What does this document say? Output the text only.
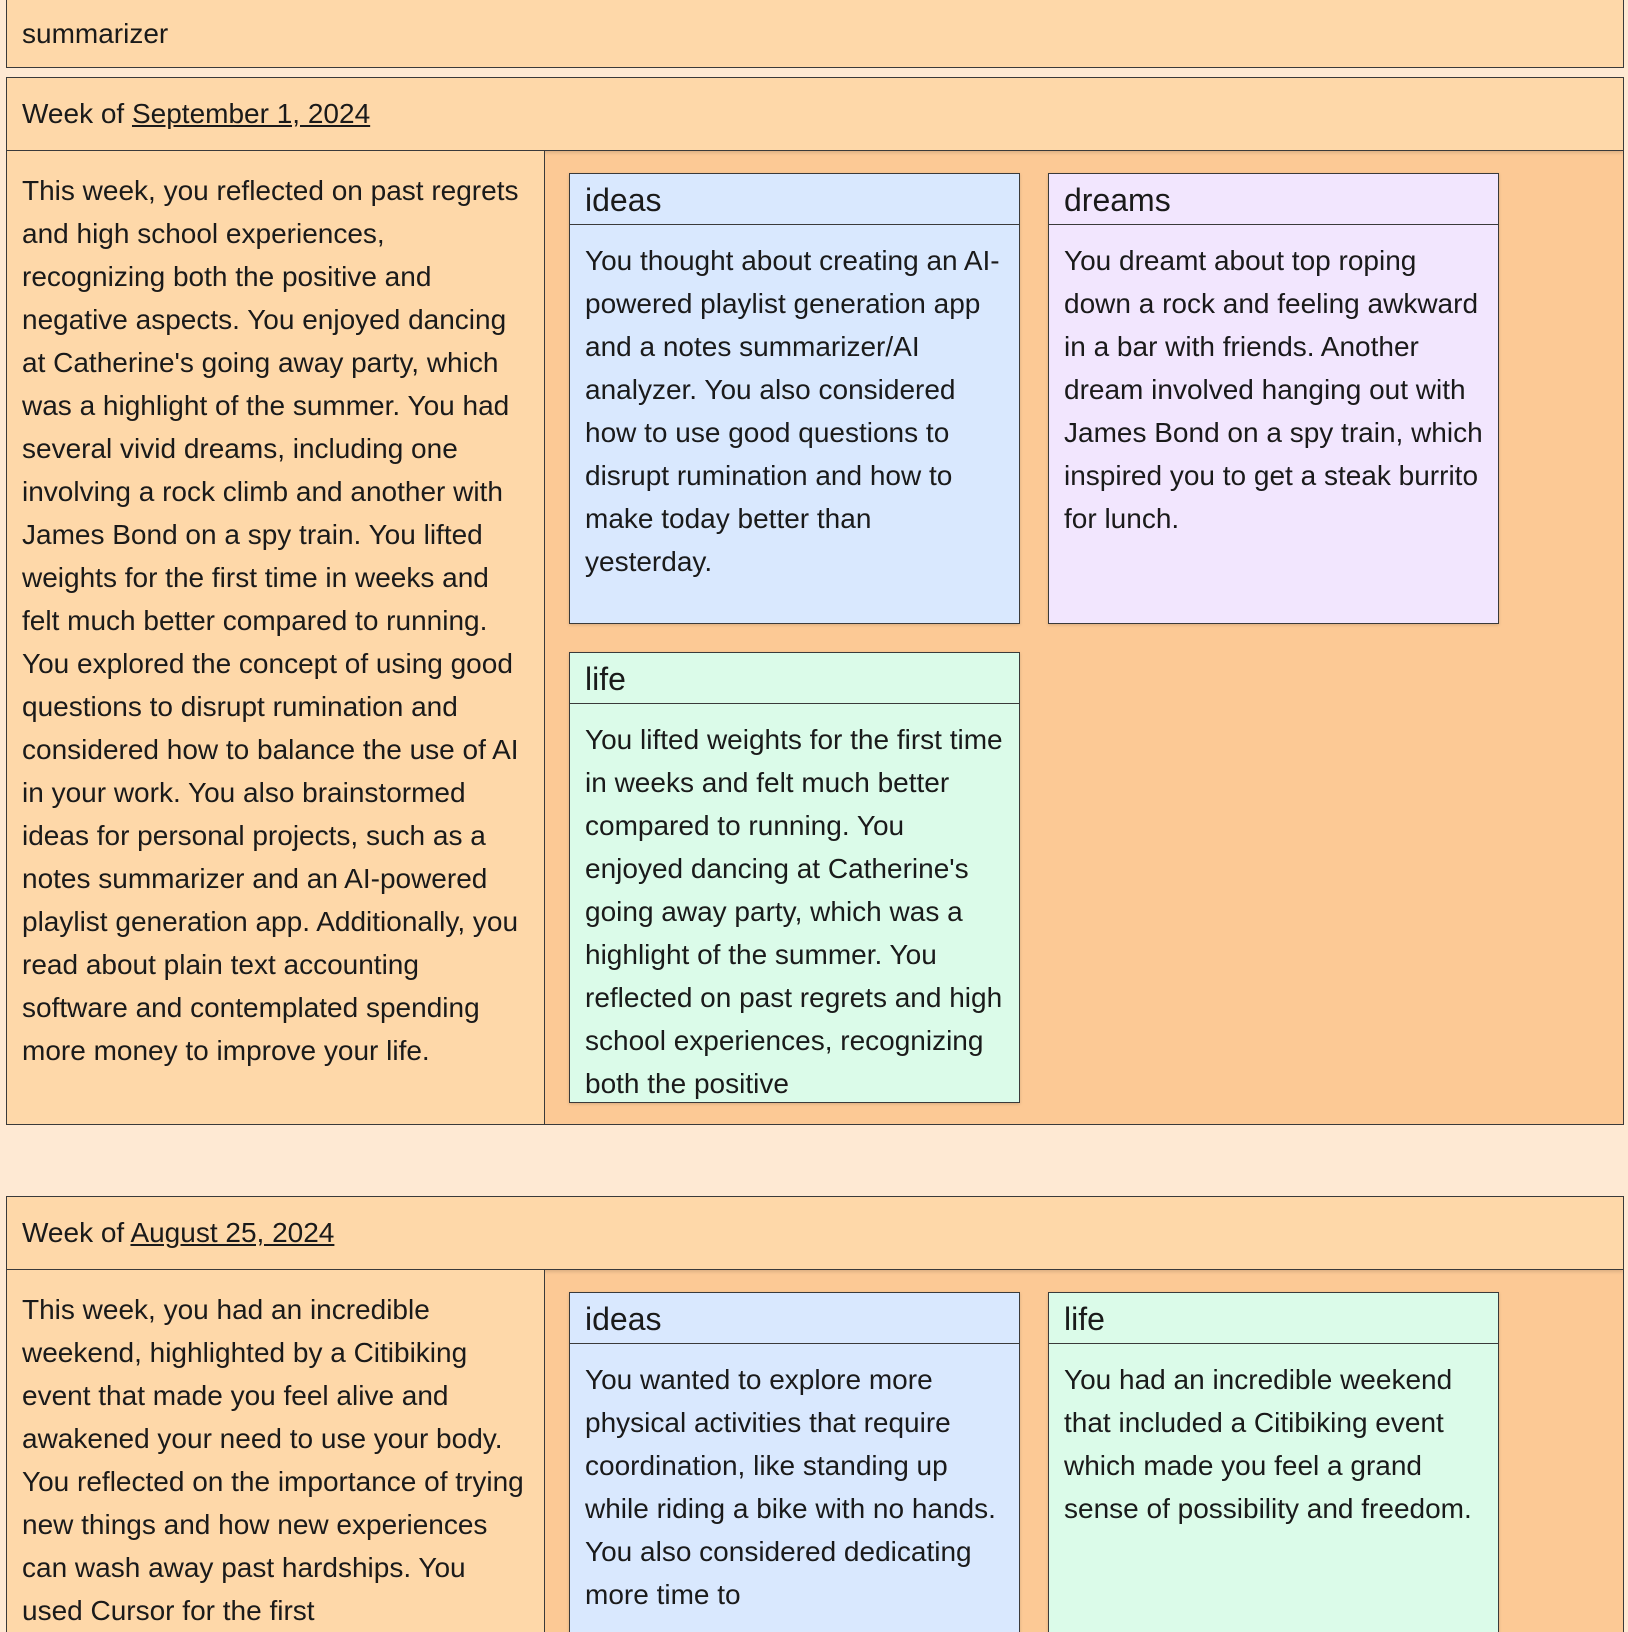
summarizer
Week of September 1, 2024
This week, you reflected on past regrets and high school experiences, recognizing both the positive and negative aspects. You enjoyed dancing at Catherine's going away party, which was a highlight of the summer. You had several vivid dreams, including one involving a rock climb and another with James Bond on a spy train. You lifted weights for the first time in weeks and felt much better compared to running. You explored the concept of using good questions to disrupt rumination and considered how to balance the use of AI in your work. You also brainstormed ideas for personal projects, such as a notes summarizer and an AI-powered playlist generation app. Additionally, you read about plain text accounting software and contemplated spending more money to improve your life.
ideas
You thought about creating an AI-powered playlist generation app and a notes summarizer/AI analyzer. You also considered how to use good questions to disrupt rumination and how to make today better than yesterday.
dreams
You dreamt about top roping down a rock and feeling awkward in a bar with friends. Another dream involved hanging out with James Bond on a spy train, which inspired you to get a steak burrito for lunch.
life
You lifted weights for the first time in weeks and felt much better compared to running. You enjoyed dancing at Catherine's going away party, which was a highlight of the summer. You reflected on past regrets and high school experiences, recognizing both the positive
Week of August 25, 2024
This week, you had an incredible weekend, highlighted by a Citibiking event that made you feel alive and awakened your need to use your body. You reflected on the importance of trying new things and how new experiences can wash away past hardships. You used Cursor for the first
ideas
You wanted to explore more physical activities that require coordination, like standing up while riding a bike with no hands. You also considered dedicating more time to
life
You had an incredible weekend that included a Citibiking event which made you feel a grand sense of possibility and freedom.
